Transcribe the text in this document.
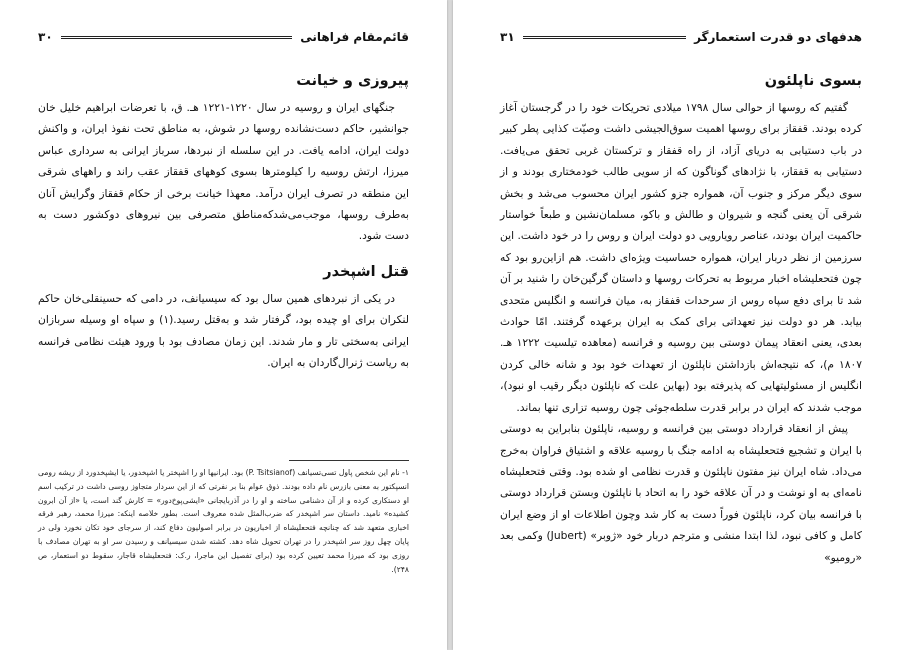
قائم‌مقام فراهانی
۳۰
پیروزی و خیانت

جنگهای ایران و روسیه در سال ۱۲۲۰-۱۲۲۱ هـ. ق، با تعرضات ابراهیم خلیل خان جوانشیر، حاکم دست‌نشانده روسها در شوش، به مناطق تحت نفوذ ایران، و واکنش دولت ایران، ادامه یافت. در این سلسله از نبردها، سرباز ایرانی به سرداری عباس میرزا، ارتش روسیه را کیلومترها بسوی کوههای قفقاز عقب راند و راههای شرقی این منطقه در تصرف ایران درآمد. معهذا خیانت برخی از حکام قفقاز وگرایش آنان به‌طرف روسها، موجب‌می‌شدکه‌مناطق متصرفی بین نیروهای دوکشور دست به دست شود.

قتل اشپخدر

در یکی از نبردهای همین سال بود که سیسیانف، در دامی که حسینقلی‌خان حاکم لنکران برای او چیده بود، گرفتار شد و به‌قتل رسید.(۱) و سپاه او وسیله سربازان ایرانی به‌سختی تار و مار شدند. این زمان مصادف بود با ورود هیئت نظامی فرانسه به ریاست ژنرال‌گاردان به ایران.

۱- نام این شخص پاول تسی‌تسیانف (P. Tsitsianof) بود. ایرانیها او را اشپختر یا اشپخدور، یا ایشپخدورد از ریشه رومی انسپکتور به معنی بازرس نام داده بودند. ذوق عوام بنا بر نفرتی که از این سردار متجاوز روسی داشت در ترکیب اسم او دستکاری کرده و از آن دشنامی ساخته و او را در آذربایجانی «ایشی‌پوخ‌دور» = کارش گند است، یا «از آن ابرون کشیده» نامید. داستان سر اشپخدر که ضرب‌المثل شده معروف است. بطور خلاصه اینکه: میرزا محمد، رهبر فرقه اخباری متعهد شد که چنانچه فتحعلیشاه از اخباریون در برابر اصولیون دفاع کند، از سرجای خود تکان نخورد ولی در پایان چهل روز سر اشپخدر را در تهران تحویل شاه دهد. کشته شدن سیسیانف و رسیدن سر او به تهران مصادف با روزی بود که میرزا محمد تعیین کرده بود (برای تفصیل این ماجرا، ر.ک: فتحعلیشاه قاجار، سقوط دو استعمار، ص ۲۴۸).

هدفهای دو قدرت استعمارگر
۳۱
بسوی ناپلئون

گفتیم که روسها از حوالی سال ۱۷۹۸ میلادی تحریکات خود را در گرجستان آغاز کرده بودند. قفقاز برای روسها اهمیت سوق‌الجیشی داشت وصیّت کذایی پطر کبیر در باب دستیابی به دریای آزاد، از راه قفقاز و ترکستان غربی تحقق می‌یافت. دستیابی به قفقاز، با نژادهای گوناگون که از سویی طالب خودمختاری بودند و از سوی دیگر مرکز و جنوب آن، همواره جزو کشور ایران محسوب می‌شد و بخش شرقی آن یعنی گنجه و شیروان و طالش و باکو، مسلمان‌نشین و طبعاً خواستار حاکمیت ایران بودند، عناصر رویارویی دو دولت ایران و روس را در خود داشت. این سرزمین از نظر دربار ایران، همواره حساسیت ویژه‌ای داشت. هم ازاین‌رو بود که چون فتحعلیشاه اخبار مربوط به تحرکات روسها و داستان گرگین‌خان را شنید بر آن شد تا برای دفع سپاه روس از سرحدات قفقاز به، میان فرانسه و انگلیس متحدی بیابد. هر دو دولت نیز تعهداتی برای کمک به ایران برعهده گرفتند. امّا حوادث بعدی، یعنی انعقاد پیمان دوستی بین روسیه و فرانسه (معاهده تیلسیت ۱۲۲۲ هـ. ۱۸۰۷ م)، که نتیجه‌اش بازداشتن ناپلئون از تعهدات خود بود و شانه خالی کردن انگلیس از مسئولیتهایی که پذیرفته بود (بهاین علت که ناپلئون دیگر رقیب او نبود)، موجب شدند که ایران در برابر قدرت سلطه‌جوئی چون روسیه تزاری تنها بماند.

پیش از انعقاد قرارداد دوستی بین فرانسه و روسیه، ناپلئون بنابراین به دوستی با ایران و تشجیع فتحعلیشاه به ادامه جنگ با روسیه علاقه و اشتیاق فراوان به‌خرج می‌داد. شاه ایران نیز مفتون ناپلئون و قدرت نظامی او شده بود. وقتی فتحعلیشاه نامه‌ای به او نوشت و در آن علاقه خود را به اتحاد با ناپلئون وبستن قرارداد دوستی با فرانسه بیان کرد، ناپلئون فوراً دست به کار شد وچون اطلاعات او از وضع ایران کامل و کافی نبود، لذا ابتدا منشی و مترجم دربار خود «ژوبر» (Jubert) وکمی بعد «رومیو»
